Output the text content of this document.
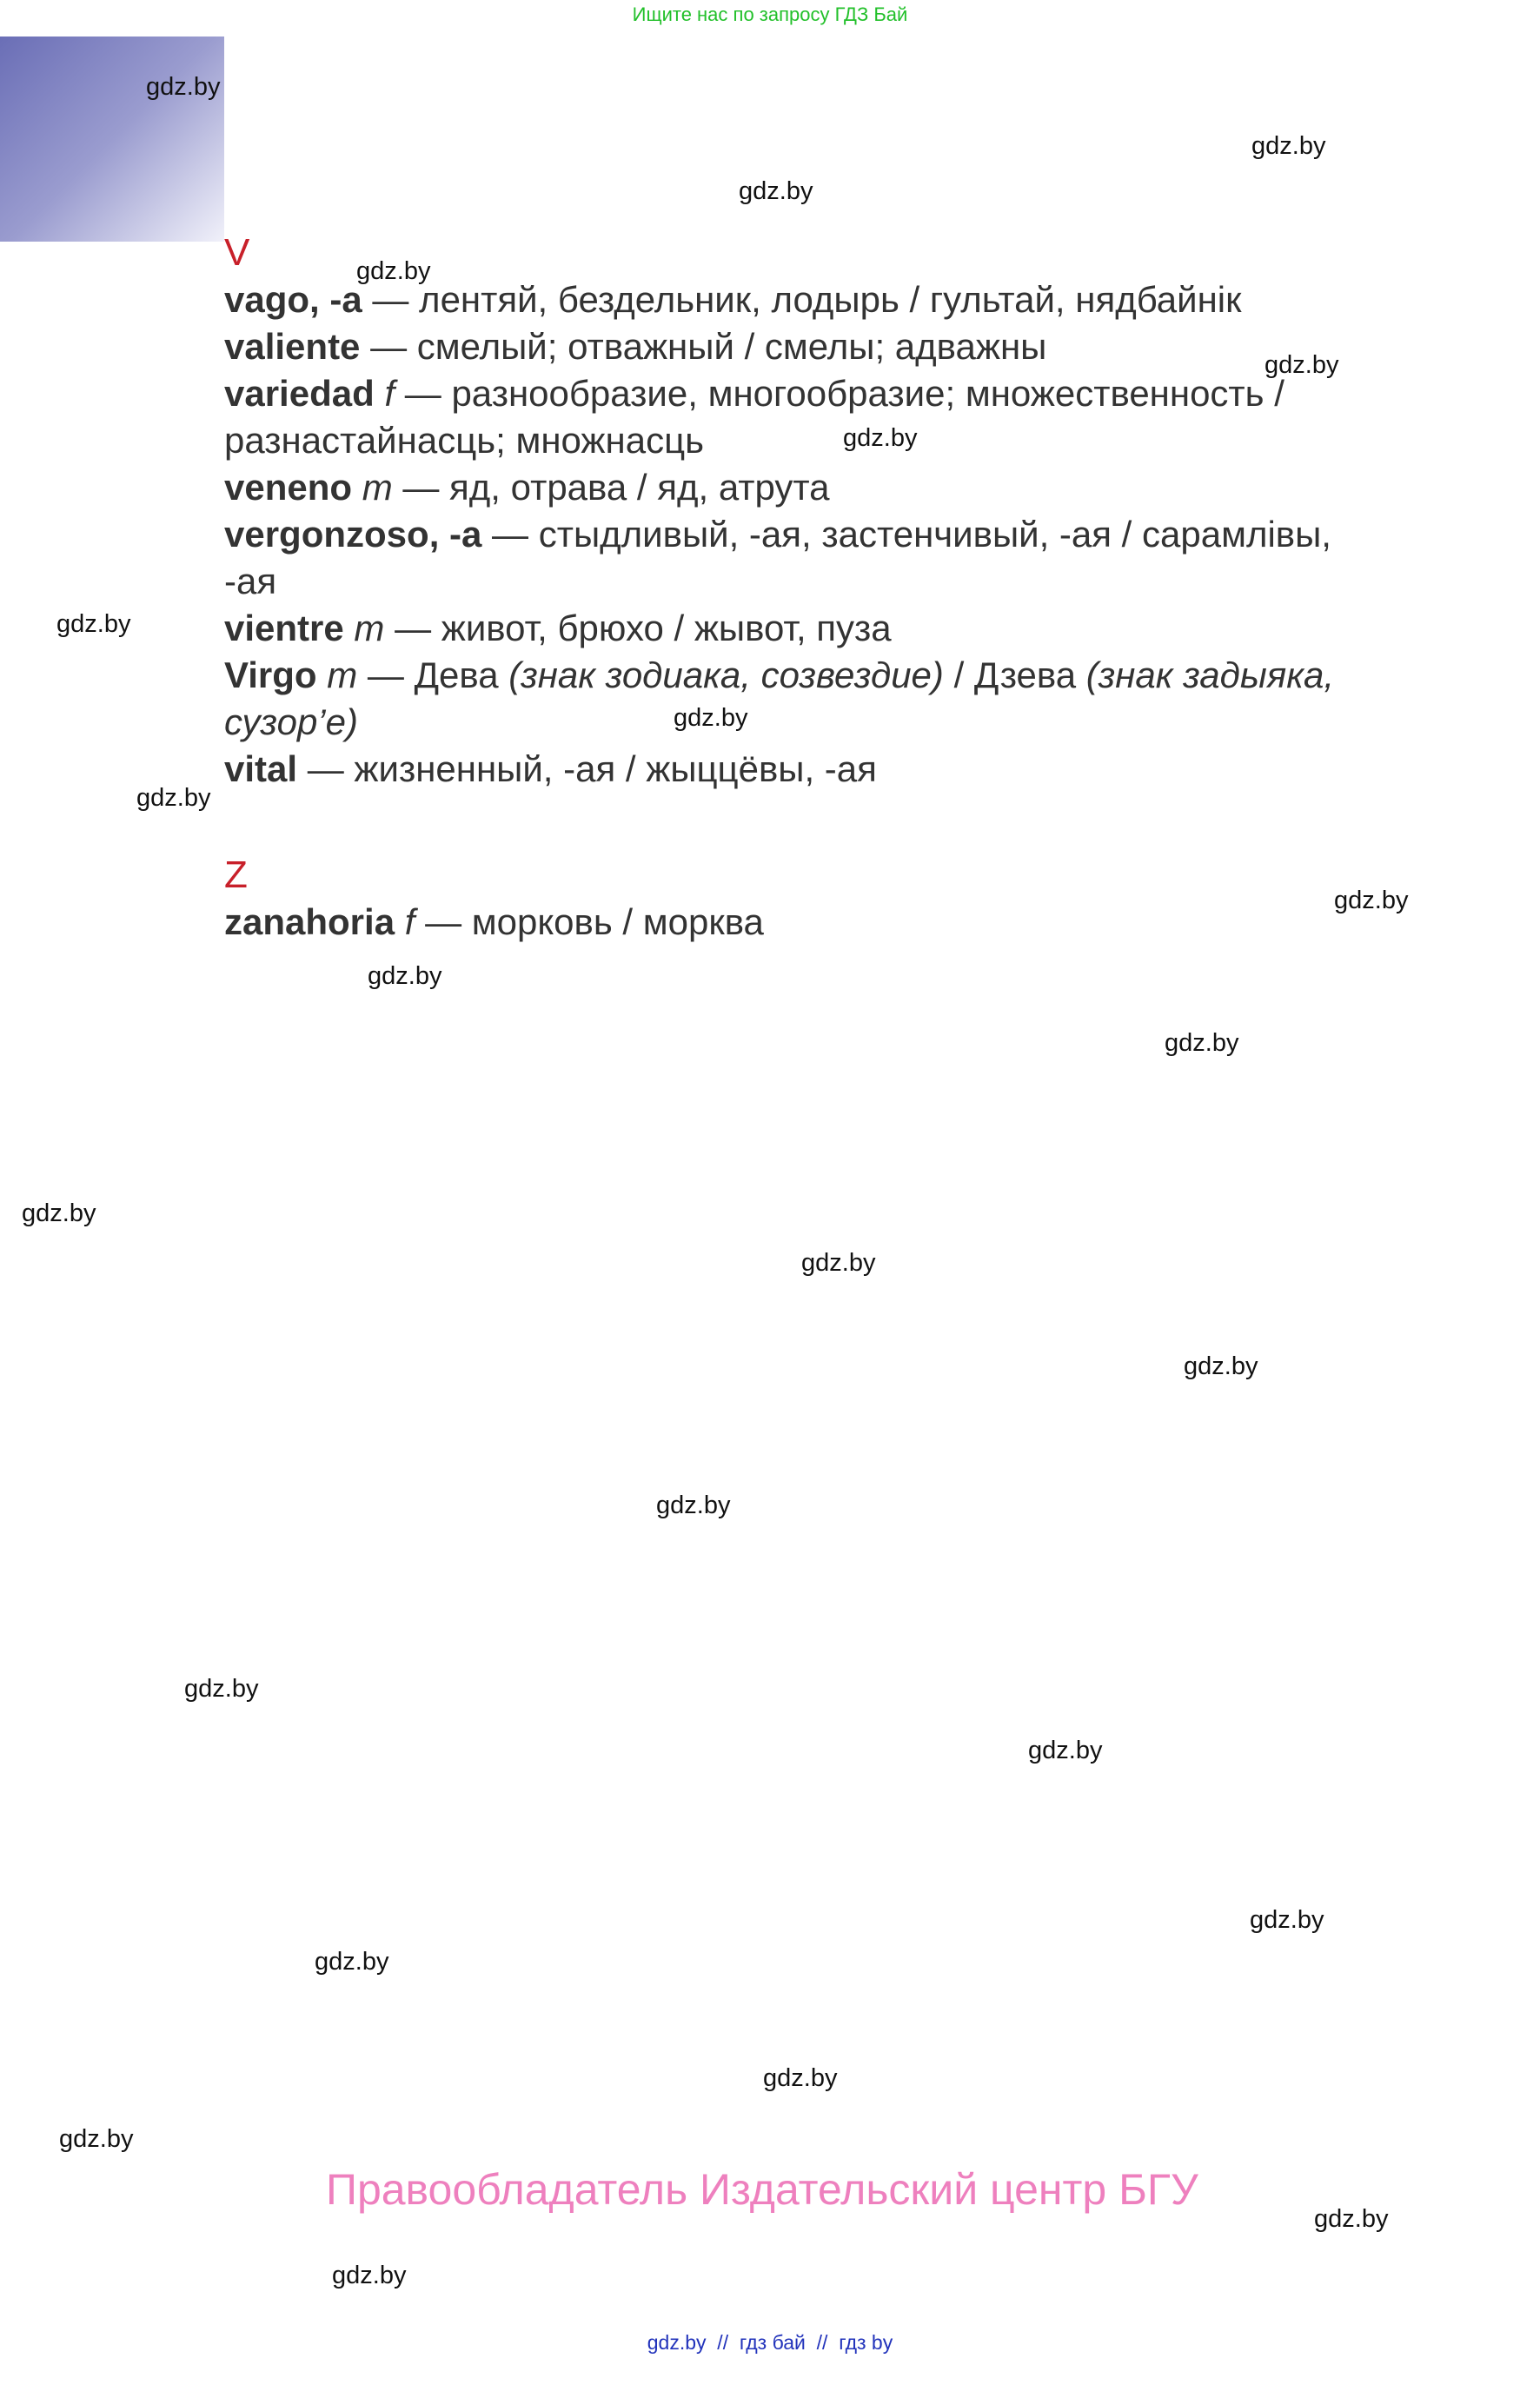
Ищите нас по запросу ГДЗ Бай
V
vago, -a — лентяй, бездельник, лодырь / гультай, нядбайнік
valiente — смелый; отважный / смелы; адважны
variedad f — разнообразие, многообразие; множественность / разнастайнасць; множнасць
veneno m — яд, отрава / яд, атрута
vergonzoso, -a — стыдливый, -ая, застенчивый, -ая / сарамлівы, -ая
vientre m — живот, брюхо / жывот, пуза
Virgo m — Дева (знак зодиака, созвездие) / Дзева (знак задыяка, сузор’е)
vital — жизненный, -ая / жыццёвы, -ая
Z
zanahoria f — морковь / морква
gdz.by
gdz.by
gdz.by
gdz.by
gdz.by
gdz.by
gdz.by
gdz.by
gdz.by
gdz.by
gdz.by
gdz.by
gdz.by
gdz.by
gdz.by
gdz.by
gdz.by
gdz.by
gdz.by
gdz.by
gdz.by
gdz.by
gdz.by
gdz.by
Правообладатель Издательский центр БГУ
gdz.by  //  гдз бай  //  гдз by
